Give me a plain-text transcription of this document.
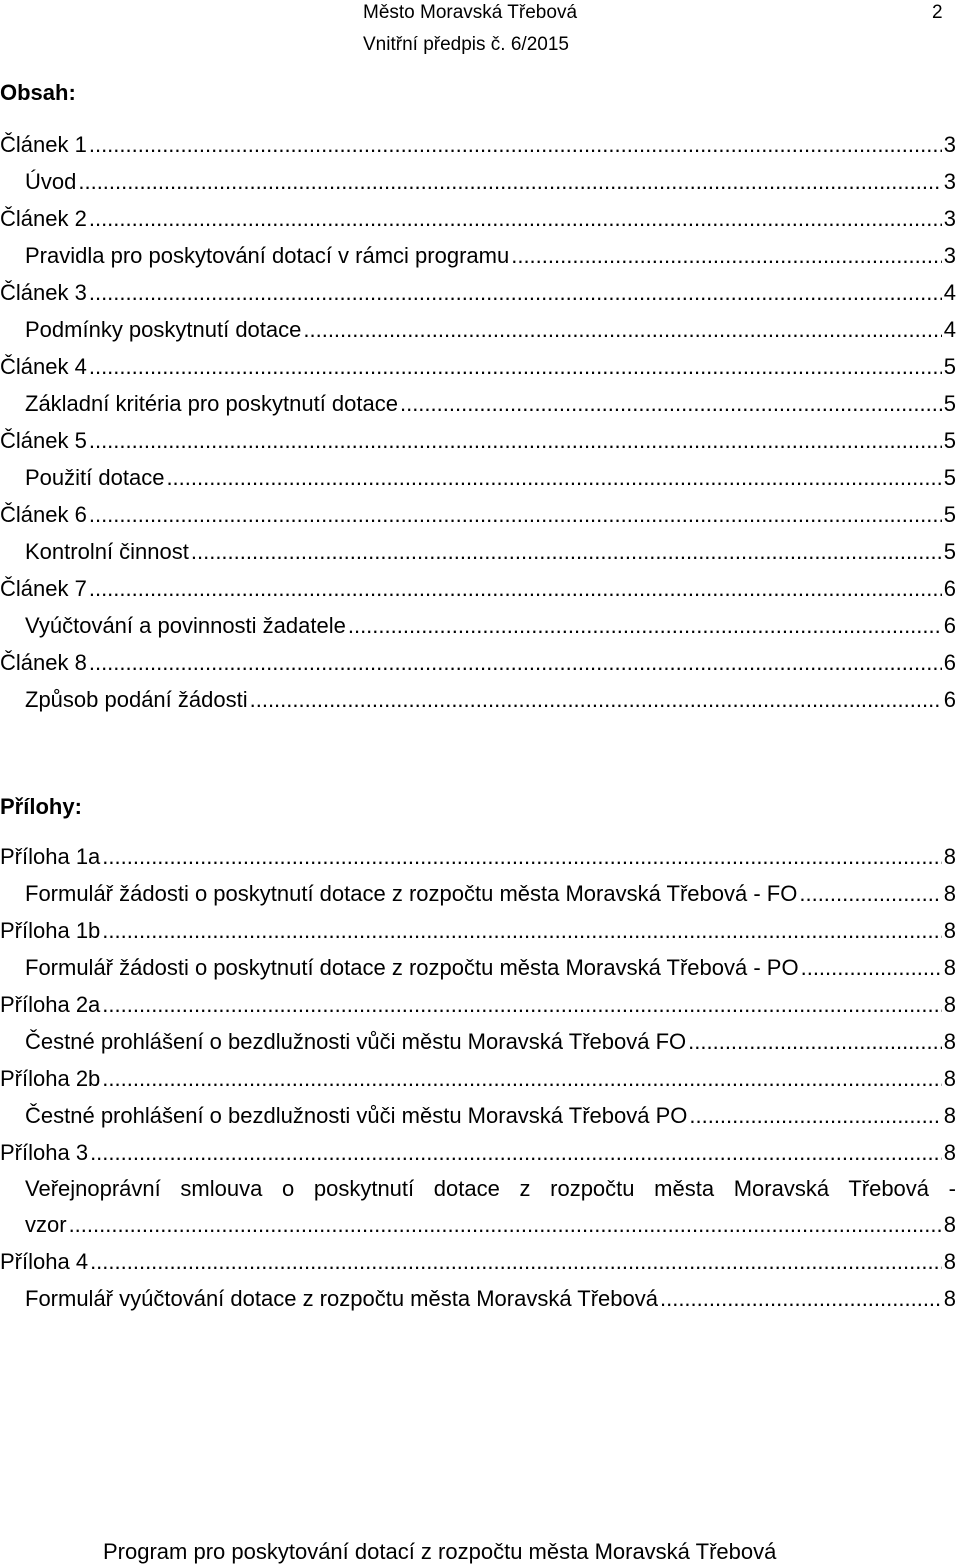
Město Moravská Třebová	2
Vnitřní předpis č. 6/2015
Obsah:
Článek 1 .....	3
Úvod .....	3
Článek 2 .....	3
Pravidla pro poskytování dotací v rámci programu .....	3
Článek 3 .....	4
Podmínky poskytnutí dotace .....	4
Článek 4 .....	5
Základní kritéria pro poskytnutí dotace .....	5
Článek 5 .....	5
Použití dotace .....	5
Článek 6 .....	5
Kontrolní činnost .....	5
Článek 7 .....	6
Vyúčtování a povinnosti žadatele .....	6
Článek 8 .....	6
Způsob podání žádosti .....	6
Přílohy:
Příloha 1a .....	8
Formulář žádosti o poskytnutí dotace z rozpočtu města Moravská Třebová - FO .....	8
Příloha 1b .....	8
Formulář žádosti o poskytnutí dotace z rozpočtu města Moravská Třebová - PO .....	8
Příloha 2a .....	8
Čestné prohlášení o bezdlužnosti vůči městu Moravská Třebová FO .....	8
Příloha 2b .....	8
Čestné prohlášení o bezdlužnosti vůči městu Moravská Třebová PO .....	8
Příloha 3 .....	8
Veřejnoprávní smlouva o poskytnutí dotace z rozpočtu města Moravská Třebová -
vzor .....	8
Příloha 4 .....	8
Formulář vyúčtování dotace z rozpočtu města Moravská Třebová .....	8
Program pro poskytování dotací z rozpočtu města Moravská Třebová
